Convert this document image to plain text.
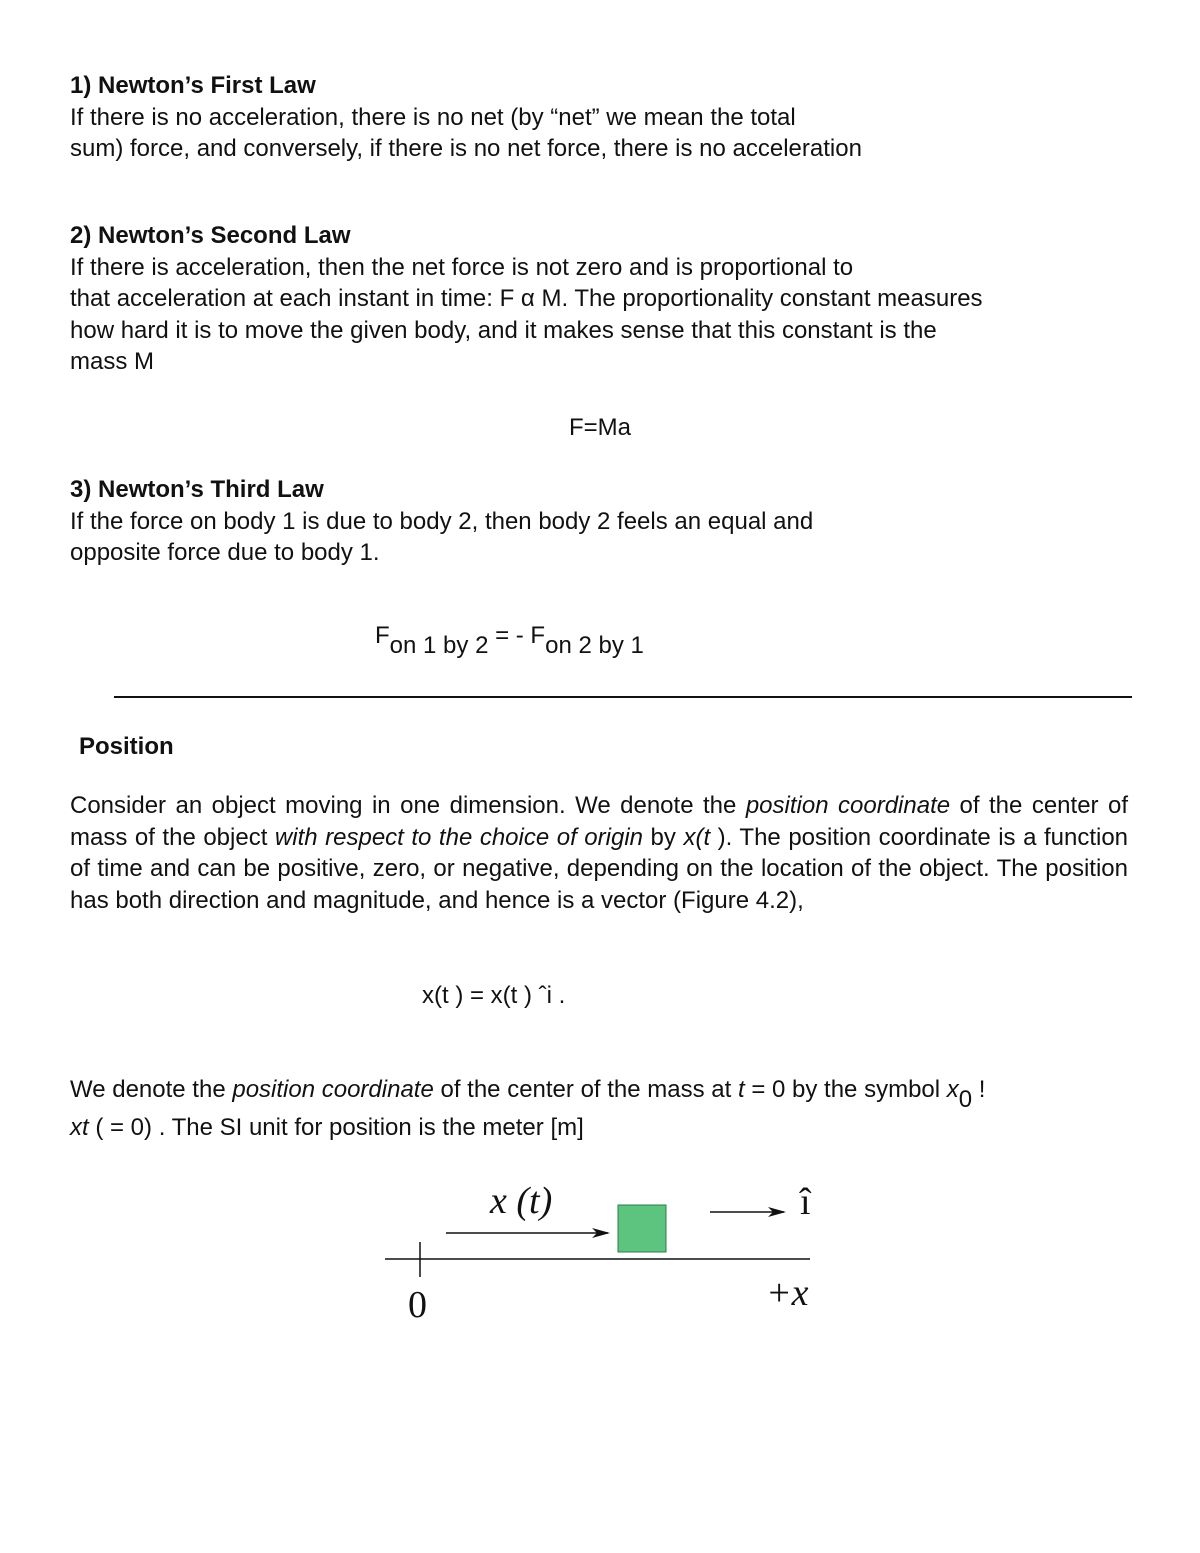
1) Newton’s First Law
If there is no acceleration, there is no net (by “net” we mean the total
sum) force, and conversely, if there is no net force, there is no acceleration
2) Newton’s Second Law
If there is acceleration, then the net force is not zero and is proportional to
that acceleration at each instant in time: F α M. The proportionality constant measures
how hard it is to move the given body, and it makes sense that this constant is the
mass M
F=Ma
3) Newton’s Third Law
If the force on body 1 is due to body 2, then body 2 feels an equal and
opposite force due to body 1.
Fon 1 by 2 = - Fon 2 by 1
Position
Consider an object moving in one dimension. We denote the position coordinate of the center of mass of the object with respect to the choice of origin by x(t ). The position coordinate is a function of time and can be positive, zero, or negative, depending on the location of the object. The position has both direction and magnitude, and hence is a vector (Figure 4.2),
x(t ) = x(t ) ˆi .
We denote the position coordinate of the center of the mass at t = 0 by the symbol x0 !
xt ( = 0) . The SI unit for position is the meter [m]
x (t)	î
0	+x
